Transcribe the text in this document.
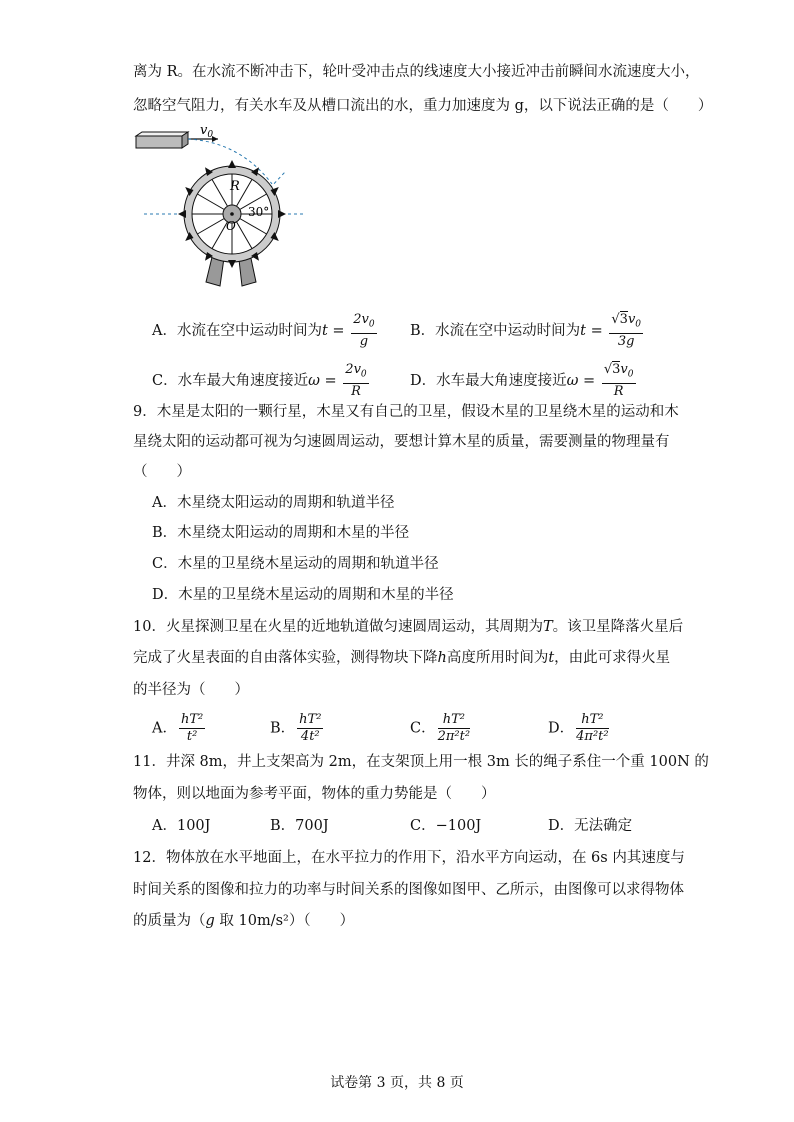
离为 R。在水流不断冲击下，轮叶受冲击点的线速度大小接近冲击前瞬间水流速度大小，
忽略空气阻力，有关水车及从槽口流出的水，重力加速度为 g，以下说法正确的是（　　）
$v_0$
R
O
30°
A．水流在空中运动时间为$t = \frac{2v_0}{g}$ B．水流在空中运动时间为$t = \frac{√3v_0}{3g}$
C．水车最大角速度接近$\omega = \frac{2v_0}{R}$	D．水车最大角速度接近$\omega = \frac{√3v_0}{R}$
9．木星是太阳的一颗行星，木星又有自己的卫星，假设木星的卫星绕木星的运动和木
星绕太阳的运动都可视为匀速圆周运动，要想计算木星的质量，需要测量的物理量有
（　　）
A．木星绕太阳运动的周期和轨道半径
B．木星绕太阳运动的周期和木星的半径
C．木星的卫星绕木星运动的周期和轨道半径
D．木星的卫星绕木星运动的周期和木星的半径
10．火星探测卫星在火星的近地轨道做匀速圆周运动，其周期为T。该卫星降落火星后
完成了火星表面的自由落体实验，测得物块下降h高度所用时间为t，由此可求得火星
的半径为（　　）
A． $\frac{\text{hT²}}{\text{t²}}$	B． $\frac{\text{hT²}}{\text{4t²}}$	C． $\frac{\text{hT²}}{\text{2π²t²}}$	D． $\frac{\text{hT²}}{\text{4π²t²}}$
11．井深 8m，井上支架高为 2m，在支架顶上用一根 3m 长的绳子系住一个重 100N 的
物体，则以地面为参考平面，物体的重力势能是（　　）
A．100J	B．700J	C．−100J	D．无法确定
12．物体放在水平地面上，在水平拉力的作用下，沿水平方向运动，在 6s 内其速度与
时间关系的图像和拉力的功率与时间关系的图像如图甲、乙所示，由图像可以求得物体
的质量为（g 取 10m/s²）（　　）
试卷第 3 页，共 8 页
